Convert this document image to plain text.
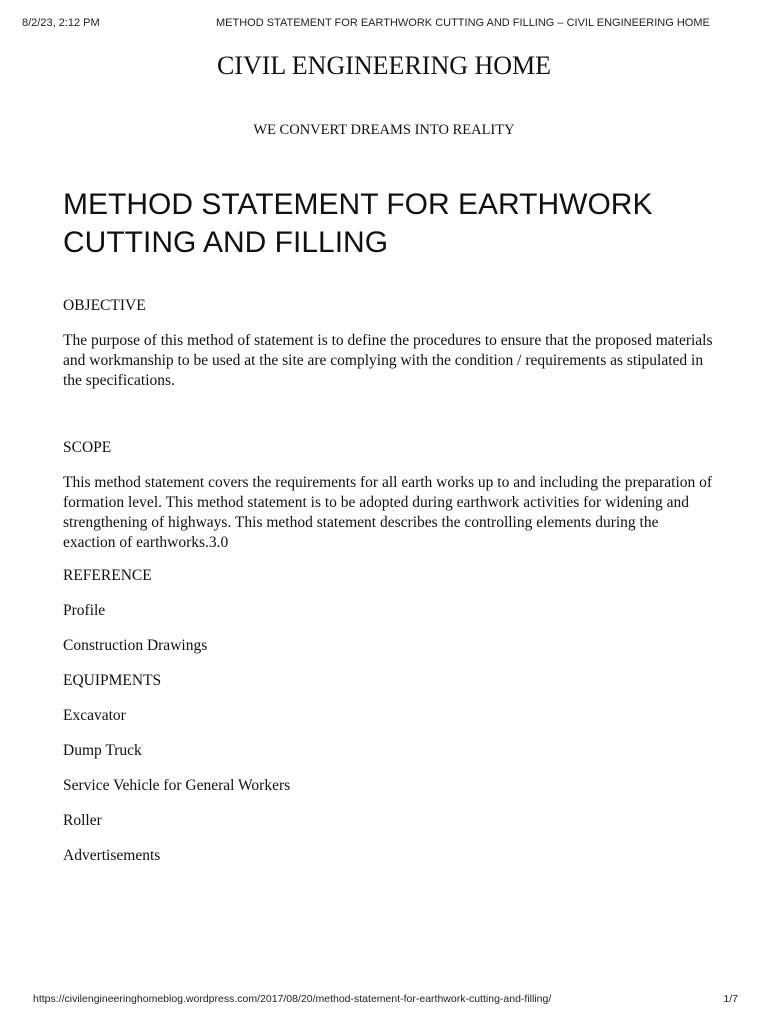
8/2/23, 2:12 PM	METHOD STATEMENT FOR EARTHWORK CUTTING AND FILLING – CIVIL ENGINEERING HOME
CIVIL ENGINEERING HOME
WE CONVERT DREAMS INTO REALITY
METHOD STATEMENT FOR EARTHWORK CUTTING AND FILLING

OBJECTIVE

The purpose of this method of statement is to define the procedures to ensure that the proposed materials and workmanship to be used at the site are complying with the condition / requirements as stipulated in the specifications.

SCOPE

This method statement covers the requirements for all earth works up to and including the preparation of formation level. This method statement is to be adopted during earthwork activities for widening and strengthening of highways. This method statement describes the controlling elements during the exaction of earthworks.3.0

REFERENCE

Profile

Construction Drawings

EQUIPMENTS

Excavator

Dump Truck

Service Vehicle for General Workers

Roller

Advertisements

https://civilengineeringhomeblog.wordpress.com/2017/08/20/method-statement-for-earthwork-cutting-and-filling/	1/7
